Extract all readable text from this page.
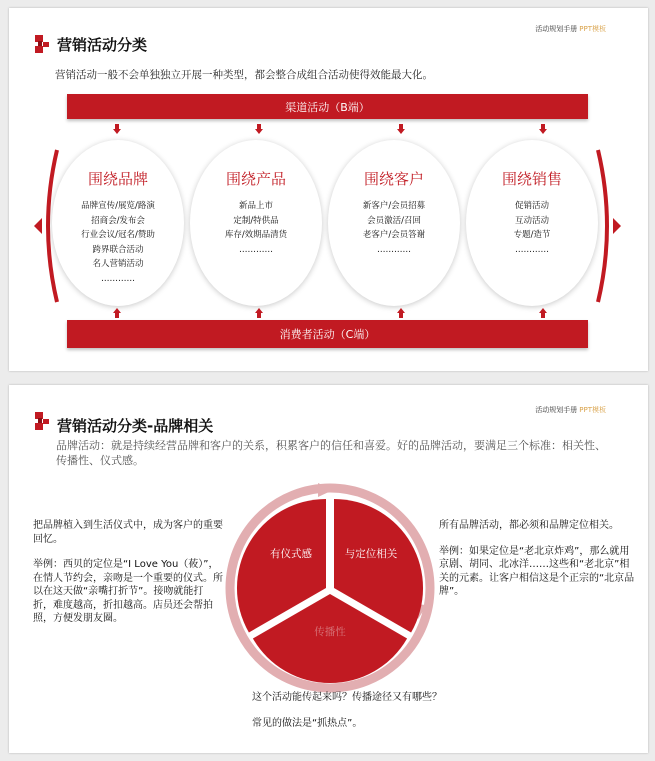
营销活动分类
活动规划手册 PPT模板
营销活动一般不会单独独立开展一种类型，都会整合成组合活动使得效能最大化。
渠道活动（B端）
围绕品牌
品牌宣传/展览/路演
招商会/发布会
行业会议/冠名/赞助
跨界联合活动
名人营销活动
…………
围绕产品
新品上市
定制/特供品
库存/效期品清货
…………
围绕客户
新客户/会员招募
会员激活/召回
老客户/会员答谢
…………
围绕销售
促销活动
互动活动
专题/造节
…………
消费者活动（C端）
营销活动分类-品牌相关
活动规划手册 PPT模板
品牌活动：就是持续经营品牌和客户的关系，积累客户的信任和喜爱。好的品牌活动，要满足三个标准：相关性、传播性、仪式感。

把品牌植入到生活仪式中，成为客户的重要回忆。

举例：西贝的定位是“I Love You（莜）”，在情人节约会，亲吻是一个重要的仪式。所以在这天做“亲嘴打折节”。接吻就能打折，难度越高，折扣越高。店员还会帮拍照，方便发朋友圈。

所有品牌活动，都必须和品牌定位相关。

举例：如果定位是“老北京炸鸡”，那么就用京剧、胡同、北冰洋……这些和“老北京”相关的元素。让客户相信这是个正宗的“北京品牌”。

有仪式感	与定位相关
传播性
这个活动能传起来吗？传播途径又有哪些？
常见的做法是“抓热点”。
